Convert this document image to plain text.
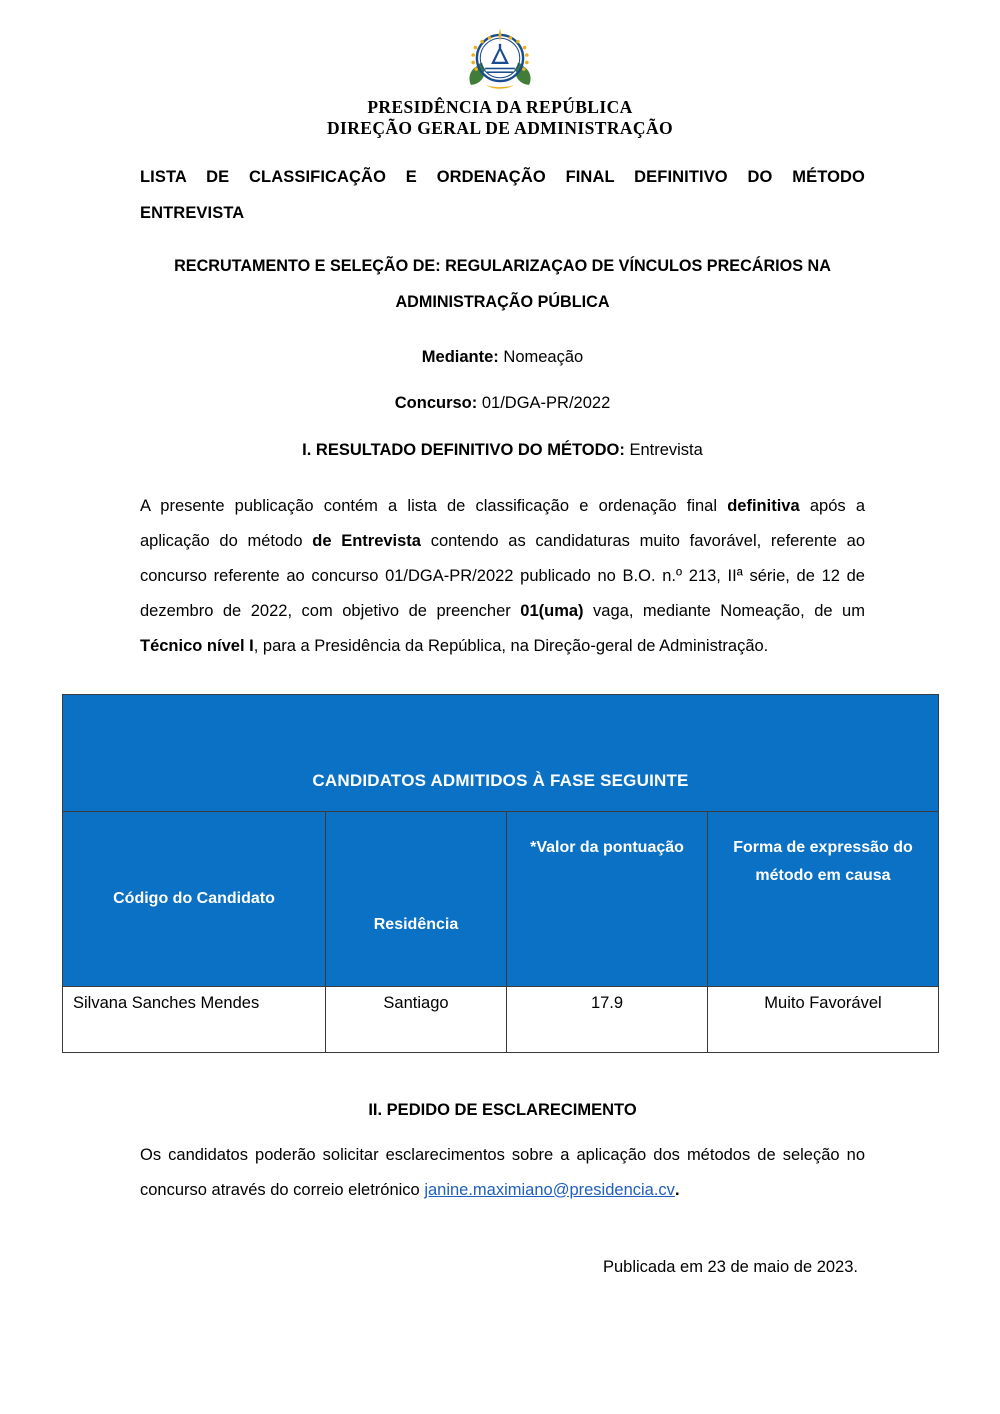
PRESIDÊNCIA DA REPÚBLICA
DIREÇÃO GERAL DE ADMINISTRAÇÃO
LISTA DE CLASSIFICAÇÃO E ORDENAÇÃO FINAL DEFINITIVO DO MÉTODO ENTREVISTA
RECRUTAMENTO E SELEÇÃO DE: REGULARIZAÇAO DE VÍNCULOS PRECÁRIOS NA ADMINISTRAÇÃO PÚBLICA
Mediante: Nomeação
Concurso: 01/DGA-PR/2022
I. RESULTADO DEFINITIVO DO MÉTODO: Entrevista
A presente publicação contém a lista de classificação e ordenação final definitiva após a aplicação do método de Entrevista contendo as candidaturas muito favorável, referente ao concurso referente ao concurso 01/DGA-PR/2022 publicado no B.O. n.º 213, IIª série, de 12 de dezembro de 2022, com objetivo de preencher 01(uma) vaga, mediante Nomeação, de um Técnico nível I, para a Presidência da República, na Direção-geral de Administração.
CANDIDATOS ADMITIDOS À FASE SEGUINTE			
Código do Candidato	Residência	*Valor da pontuação	Forma de expressão do método em causa
Silvana Sanches Mendes	Santiago	17.9	Muito Favorável
II. PEDIDO DE ESCLARECIMENTO
Os candidatos poderão solicitar esclarecimentos sobre a aplicação dos métodos de seleção no concurso através do correio eletrónico janine.maximiano@presidencia.cv.
Publicada em 23 de maio de 2023.
